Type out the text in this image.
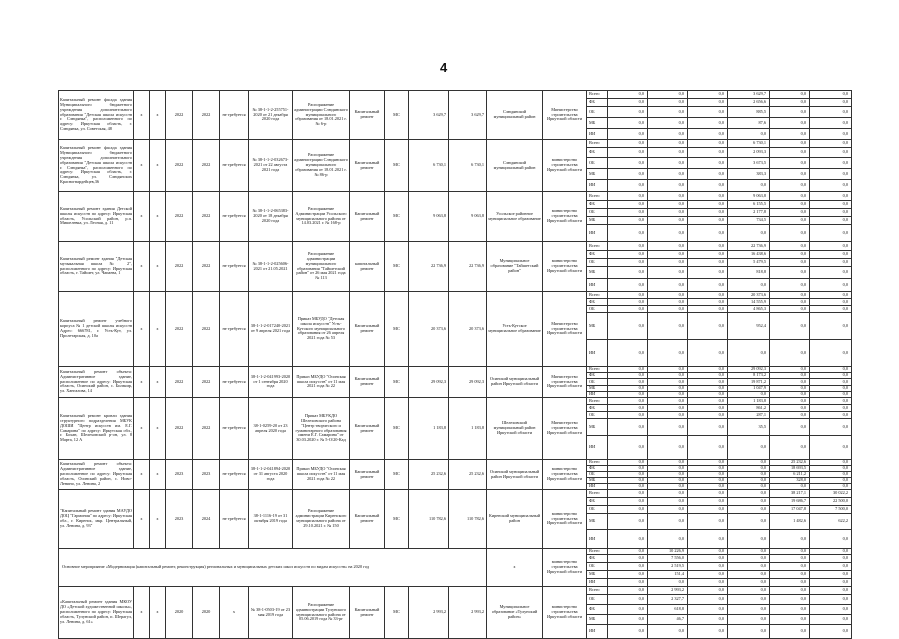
4
Капитальный ремонт фасада здания Муниципального бюджетного учреждения дополнительного образования "Детская школа искусств г. Слюдянка", расположенного по адресу: Иркутская область, г. Слюдянка, ул. Советская, 48	x	x	2022	2022	не требуется	№ 38-1-1-2-255751-2020 от 21 декабря 2020 года	Распоряжение администрации Слюдянского муниципального образования от 18.01.2021 г. № 6-р	Капитальный ремонт	МС	3 629,7	3 629,7	Слюдянский муниципальный район	Министерство строительства Иркутской области	Всего	0,0	0,0	0,0	3 629,7	0,0	0,0
														ФБ	0,0	0,0	0,0	2 656,6	0,0	0,0
														ОБ	0,0	0,0	0,0	885,5	0,0	0,0
														МБ	0,0	0,0	0,0	87,6	0,0	0,0
														ИИ	0,0	0,0	0,0	0,0	0,0	0,0
Капитальный ремонт фасада здания Муниципального бюджетного учреждения дополнительного образования "Детская школа искусств г. Слюдянка", расположенного по адресу: Иркутская область, г. Слюдянка, ул. Слюдянских Красногвардейцев,36	x	x	2022	2022	не требуется	№ 38-1-1-2-032673-2021 от 22 августа 2021 года	Распоряжение администрации Слюдянского муниципального образования от 18.01.2021 г. № 86-р	Капитальный ремонт	МС	6 730,1	6 730,1	Слюдянский муниципальный район	министерство строительства Иркутской области	Всего	0,0	0,0	0,0	6 730,1	0,0	0,0
														ФБ	0,0	0,0	0,0	2 093,3	0,0	0,0
														ОБ	0,0	0,0	0,0	3 673,5	0,0	0,0
														МБ	0,0	0,0	0,0	383,3	0,0	0,0
														ИИ	0,0	0,0	0,0	0,0	0,0	0,0
Капитальный ремонт здания Детской школы искусств по адресу: Иркутская область, Усольский район, р.п. Мишелевка, ул. Лесная, д. 11	x	x	2022	2022	не требуется	№ 38-1-1-2-065383-2020 от 18 декабря 2020 года	Распоряжение Администрации Усольского муниципального района от 14.03.2021 г. № 168-р	Капитальный ремонт	МС	9 063,8	9 063,8	Усольское районное муниципальное образование	министерство строительства Иркутской области	Всего	0,0	0,0	0,0	9 063,8	0,0	0,0
														ФБ	0,0	0,0	0,0	6 155,5	0,0	0,0
														ОБ	0,0	0,0	0,0	2 177,8	0,0	0,0
														МБ	0,0	0,0	0,0	734,5	0,0	0,0
														ИИ	0,0	0,0	0,0	0,0	0,0	0,0
Капитальный ремонт здания "Детская музыкальная школа № 2", расположенного по адресу: Иркутская область, г. Тайшет, ул. Чапаева, 1	x	x	2022	2022	не требуется	№ 38-1-1-2-025606-2021 от 21.05.2021	Распоряжение администрации муниципального образования "Тайшетский район" от 26 мая 2021 года № 113	капитальный ремонт	МС	22 736,9	22 736,9	Муниципальное образование "Тайшетский район"	министерство строительства Иркутской области	Всего	0,0	0,0	0,0	22 736,9	0,0	0,0
														ФБ	0,0	0,0	0,0	16 438,6	0,0	0,0
														ОБ	0,0	0,0	0,0	5 479,5	0,0	0,0
														МБ	0,0	0,0	0,0	818,8	0,0	0,0
														ИИ	0,0	0,0	0,0	0,0	0,0	0,0
Капитальный ремонт учебного корпуса № 1 детской школы искусств Адрес: 666781, г. Усть-Кут, ул. Пролетарская, д. 10а	x	x	2022	2022	не требуется	38-1-1-2-017240-2021 от 9 апреля 2021 года	Приказ МБУДО "Детская школа искусств" Усть-Кутского муниципального образования от 26 апреля 2021 года № 53	Капитальный ремонт	МС	20 373,6	20 373,6	Усть-Кутское муниципальное образование	Министерство строительства Иркутской области	Всего	0,0	0,0	0,0	20 373,6	0,0	0,0
														ФБ	0,0	0,0	0,0	14 555,9	0,0	0,0
														ОБ	0,0	0,0	0,0	4 865,3	0,0	0,0
														МБ	0,0	0,0	0,0	952,4	0,0	0,0
														ИИ	0,0	0,0	0,0	0,0	0,0	0,0
Капитальный ремонт объекта: Административное здание, расположенное по адресу: Иркутская область, Осинский район, с. Бильчир, ул. Хангалова, 14	x	x	2022	2022	не требуется	38-1-1-2-041993-2020 от 1 сентября 2020 года	Приказ МБУДО "Осинская школа искусств" от 11 мая 2021 года № 22	Капитальный ремонт	МС	29 092,3	29 092,3	Осинский муниципальный район Иркутской области	Министерство строительства Иркутской области	Всего	0,0	0,0	0,0	29 092,3	0,0	0,0
														ФБ	0,0	0,0	0,0	8 173,2	0,0	0,0
														ОБ	0,0	0,0	0,0	19 871,2	0,0	0,0
														МБ	0,0	0,0	0,0	1 047,9	0,0	0,0
														ИИ	0,0	0,0	0,0	0,0	0,0	0,0
Капитальный ремонт кровли здания структурного подразделения МБУК ДОШИ "Центр искусств им. Е.Г. Самарина" по адресу: Иркутская обл., г. Бохан, Шелеховский р-он, ул. 8 Марта, 12 А	x	x	2022	2022	не требуется	38-1-0259-20 от 23 апреля 2020 года	Приказ МБУКДО Шелеховского района "Центр творческого и гуманитарного образования имени Е.Г. Самарина" от 30.03.2020 г. № 5-О/20-Кад	Капитальный ремонт	МС	1 183,8	1 183,8	Шелеховский муниципальный район Иркутской области	Министерство строительства Иркутской области	Всего	0,0	0,0	0,0	1 183,8	0,0	0,0
														ФБ	0,0	0,0	0,0	861,2	0,0	0,0
														ОБ	0,0	0,0	0,0	287,1	0,0	0,0
														МБ	0,0	0,0	0,0	35,5	0,0	0,0
														ИИ	0,0	0,0	0,0	0,0	0,0	0,0
Капитальный ремонт объекта: Административное здание, расположенное по адресу: Иркутская область, Осинский район, с. Ново-Ленино, ул. Ленина, 2	x	x	2023	2023	не требуется	38-1-1-2-041894-2020 от 31 августа 2020 года	Приказ МБУДО "Осинская школа искусств" от 11 мая 2021 года № 22	Капитальный ремонт	МС	25 232,6	25 232,6	Осинский муниципальный район Иркутской области	министерство строительства Иркутской области	Всего	0,0	0,0	0,0	0,0	25 232,6	0,0
														ФБ	0,0	0,0	0,0	0,0	18 693,5	0,0
														ОБ	0,0	0,0	0,0	0,0	6 211,2	0,0
														МБ	0,0	0,0	0,0	0,0	328,0	0,0
														ИИ	0,0	0,0	0,0	0,0	0,0	0,0
"Капитальный ремонт здания МАУДО ДОЦ "Гармония" по адресу: Иркутская обл., г. Киренск, мкр. Центральный, ул. Ленина, д. 93"	x	x	2023	2024	не требуется	38-1-1116-19 от 31 октября 2019 года	Распоряжение администрации Киренского муниципального района от 29.10.2021 г. № 150	Капитальный ремонт	МС	110 782,6	110 782,6	Киренский муниципальный район	министерство строительства Иркутской области	Всего	0,0	0,0	0,0	0,0	38 217,1	30 022,2
														ФБ	0,0	0,0	0,0	0,0	19 686,7	22 500,0
														ОБ	0,0	0,0	0,0	0,0	17 047,8	7 500,0
														МБ	0,0	0,0	0,0	0,0	1 482,6	622,2
														ИИ	0,0	0,0	0,0	0,0	0,0	0,0
Основное мероприятие «Модернизация (капитальный ремонт, реконструкция) региональных и муниципальных детских школ искусств по видам искусств» на 2020 год												х	министерство строительства Иркутской области	Всего	0,0	10 226,9	0,0	0,0	0,0	0,0
														ФБ	0,0	7 556,0	0,0	0,0	0,0	0,0
														ОБ	0,0	2 519,5	0,0	0,0	0,0	0,0
														МБ	0,0	151,4	0,0	0,0	0,0	0,0
														ИИ	0,0	0,0	0,0	0,0	0,0	0,0
«Капитальный ремонт здания МКОУ ДО «Детской художественной школы», расположенного по адресу: Иркутская область, Тулунский район, п. Шерагул, ул. Ленина, д. 61»	x	x	2020	2020	х	№ 38-1-0503-19 от 23 мая 2019 года	Распоряжение администрации Тулунского муниципального района от 05.06.2019 года № 33-рг	Капитальный ремонт	МС	2 993,2	2 993,2	Муниципальное образование «Тулунский район»	министерство строительства Иркутской области	Всего	0,0	2 993,2	0,0	0,0	0,0	0,0
														ОБ	0,0	2 327,7	0,0	0,0	0,0	0,0
														ФБ	0,0	618,8	0,0	0,0	0,0	0,0
														МБ	0,0	46,7	0,0	0,0	0,0	0,0
														ИИ	0,0	0,0	0,0	0,0	0,0	0,0
